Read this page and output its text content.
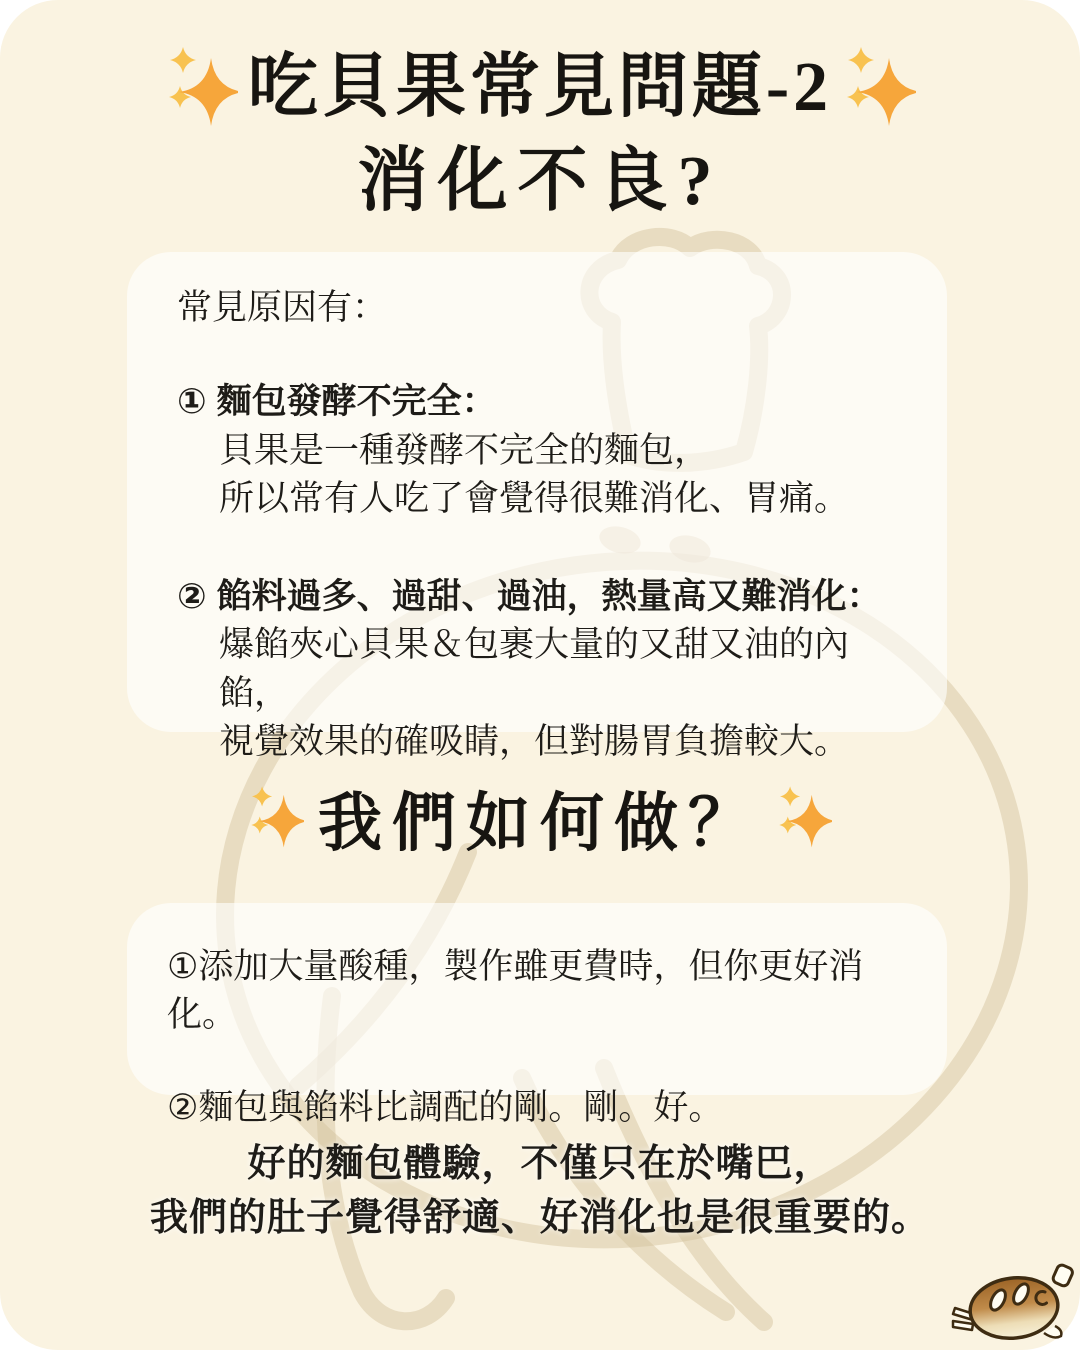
吃貝果常見問題-2
消化不良?
常見原因有：
① 麵包發酵不完全：
貝果是一種發酵不完全的麵包，
所以常有人吃了會覺得很難消化、胃痛。
② 餡料過多、過甜、過油，熱量高又難消化：
爆餡夾心貝果＆包裹大量的又甜又油的內餡，
視覺效果的確吸睛，但對腸胃負擔較大。
我們如何做？
①添加大量酸種，製作雖更費時，但你更好消化。
②麵包與餡料比調配的剛。剛。好。
好的麵包體驗，不僅只在於嘴巴，
我們的肚子覺得舒適、好消化也是很重要的。
